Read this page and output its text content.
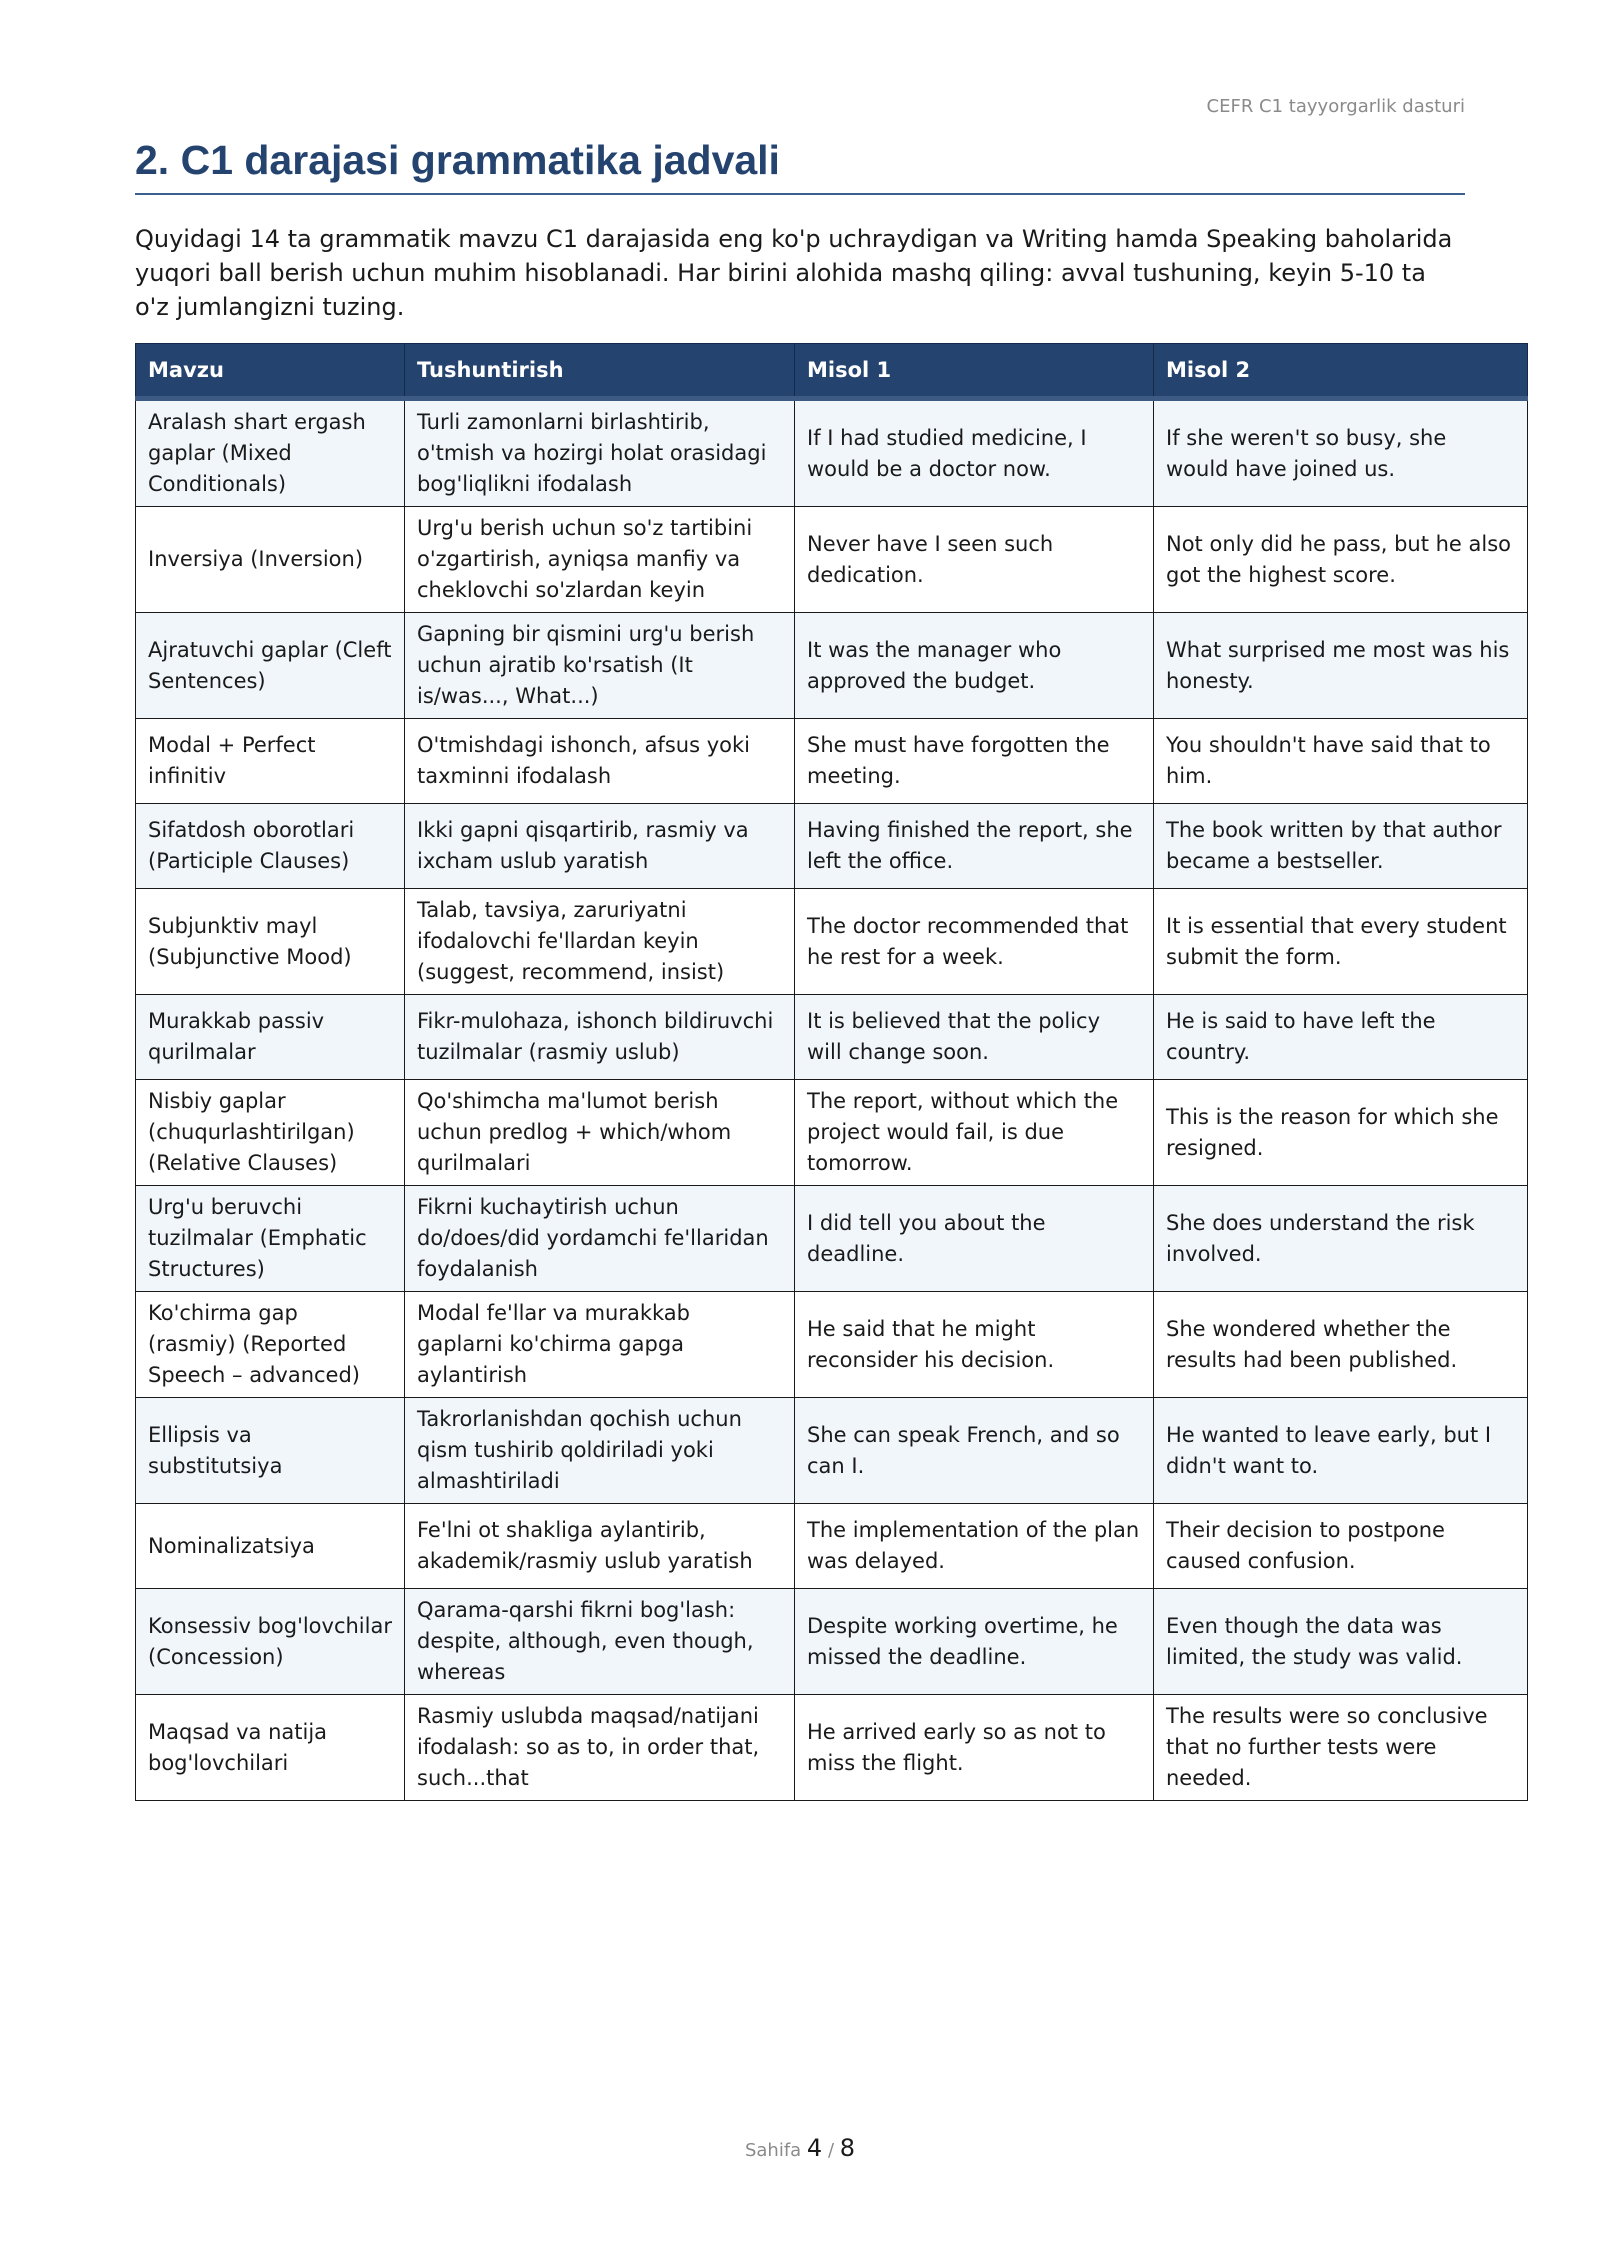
CEFR C1 tayyorgarlik dasturi
2. C1 darajasi grammatika jadvali

Quyidagi 14 ta grammatik mavzu C1 darajasida eng ko'p uchraydigan va Writing hamda Speaking baholarida yuqori ball berish uchun muhim hisoblanadi. Har birini alohida mashq qiling: avval tushuning, keyin 5-10 ta o'z jumlangizni tuzing.

Mavzu	Tushuntirish	Misol 1	Misol 2
Aralash shart ergash gaplar (Mixed Conditionals)	Turli zamonlarni birlashtirib, o'tmish va hozirgi holat orasidagi bog'liqlikni ifodalash	If I had studied medicine, I would be a doctor now.	If she weren't so busy, she would have joined us.
Inversiya (Inversion)	Urg'u berish uchun so'z tartibini o'zgartirish, ayniqsa manfiy va cheklovchi so'zlardan keyin	Never have I seen such dedication.	Not only did he pass, but he also got the highest score.
Ajratuvchi gaplar (Cleft Sentences)	Gapning bir qismini urg'u berish uchun ajratib ko'rsatish (It is/was..., What...)	It was the manager who approved the budget.	What surprised me most was his honesty.
Modal + Perfect infinitiv	O'tmishdagi ishonch, afsus yoki taxminni ifodalash	She must have forgotten the meeting.	You shouldn't have said that to him.
Sifatdosh oborotlari (Participle Clauses)	Ikki gapni qisqartirib, rasmiy va ixcham uslub yaratish	Having finished the report, she left the office.	The book written by that author became a bestseller.
Subjunktiv mayl (Subjunctive Mood)	Talab, tavsiya, zaruriyatni ifodalovchi fe'llardan keyin (suggest, recommend, insist)	The doctor recommended that he rest for a week.	It is essential that every student submit the form.
Murakkab passiv qurilmalar	Fikr-mulohaza, ishonch bildiruvchi tuzilmalar (rasmiy uslub)	It is believed that the policy will change soon.	He is said to have left the country.
Nisbiy gaplar (chuqurlashtirilgan) (Relative Clauses)	Qo'shimcha ma'lumot berish uchun predlog + which/whom qurilmalari	The report, without which the project would fail, is due tomorrow.	This is the reason for which she resigned.
Urg'u beruvchi tuzilmalar (Emphatic Structures)	Fikrni kuchaytirish uchun do/does/did yordamchi fe'llaridan foydalanish	I did tell you about the deadline.	She does understand the risk involved.
Ko'chirma gap (rasmiy) (Reported Speech – advanced)	Modal fe'llar va murakkab gaplarni ko'chirma gapga aylantirish	He said that he might reconsider his decision.	She wondered whether the results had been published.
Ellipsis va substitutsiya	Takrorlanishdan qochish uchun qism tushirib qoldiriladi yoki almashtiriladi	She can speak French, and so can I.	He wanted to leave early, but I didn't want to.
Nominalizatsiya	Fe'lni ot shakliga aylantirib, akademik/rasmiy uslub yaratish	The implementation of the plan was delayed.	Their decision to postpone caused confusion.
Konsessiv bog'lovchilar (Concession)	Qarama-qarshi fikrni bog'lash: despite, although, even though, whereas	Despite working overtime, he missed the deadline.	Even though the data was limited, the study was valid.
Maqsad va natija bog'lovchilari	Rasmiy uslubda maqsad/natijani ifodalash: so as to, in order that, such...that	He arrived early so as not to miss the flight.	The results were so conclusive that no further tests were needed.
Sahifa 4 / 8
